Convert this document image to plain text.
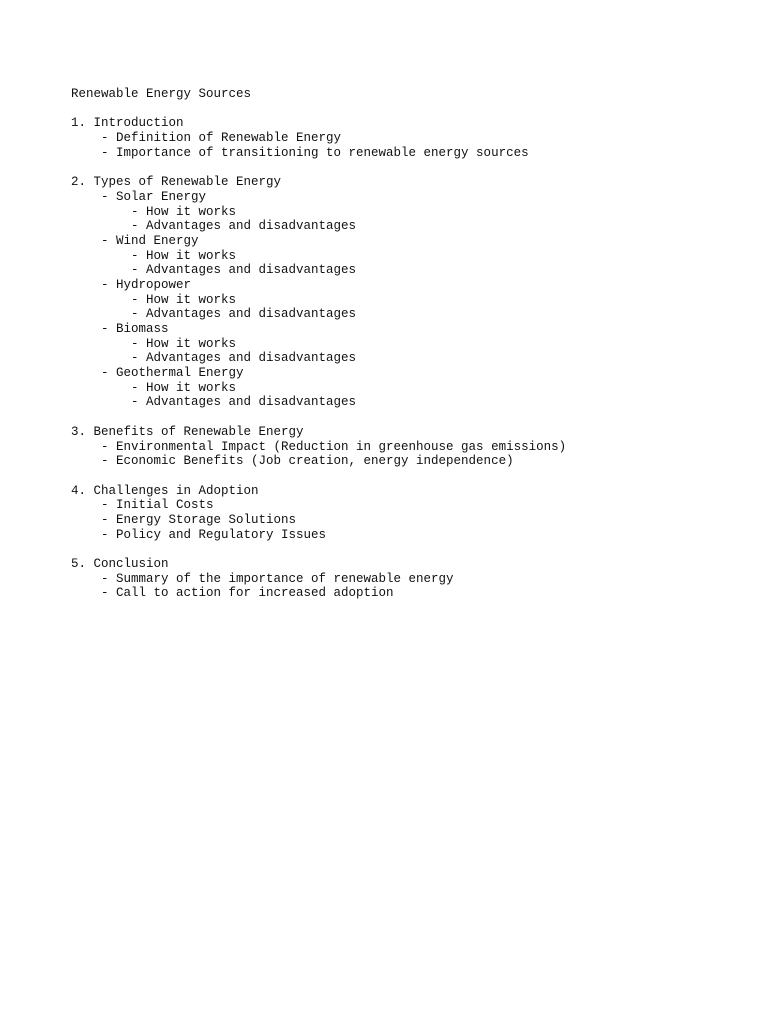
Renewable Energy Sources
1. Introduction
- Definition of Renewable Energy
- Importance of transitioning to renewable energy sources
2. Types of Renewable Energy
- Solar Energy
- How it works
- Advantages and disadvantages
- Wind Energy
- How it works
- Advantages and disadvantages
- Hydropower
- How it works
- Advantages and disadvantages
- Biomass
- How it works
- Advantages and disadvantages
- Geothermal Energy
- How it works
- Advantages and disadvantages
3. Benefits of Renewable Energy
- Environmental Impact (Reduction in greenhouse gas emissions)
- Economic Benefits (Job creation, energy independence)
4. Challenges in Adoption
- Initial Costs
- Energy Storage Solutions
- Policy and Regulatory Issues
5. Conclusion
- Summary of the importance of renewable energy
- Call to action for increased adoption
